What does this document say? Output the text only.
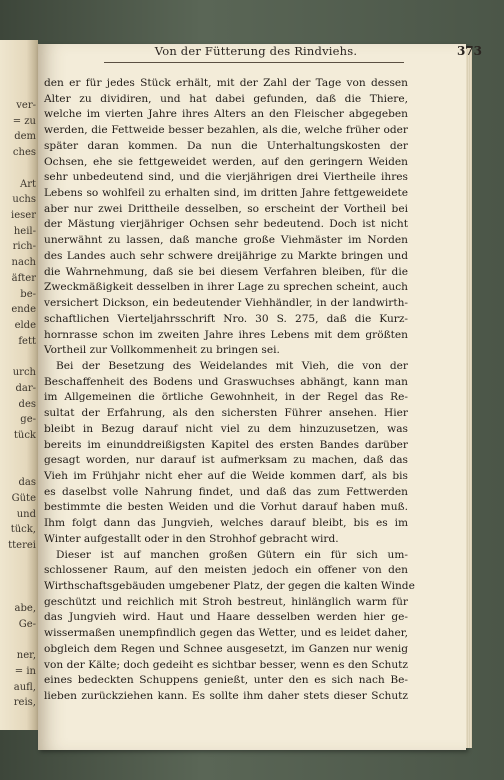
ver-
= zu
dem
ches
Art
uchs
ieser
heil-
rich-
nach
äfter
be-
ende
elde
fett
urch
dar-
des
ge-
tück
das
Güte
und
tück,
tterei
abe,
Ge-
ner,
= in
aufl,
reis,
Von der Fütterung des Rindviehs.	373
den er für jedes Stück erhält, mit der Zahl der Tage von dessen
Alter zu dividiren, und hat dabei gefunden, daß die Thiere,
welche im vierten Jahre ihres Alters an den Fleischer abgegeben
werden, die Fettweide besser bezahlen, als die, welche früher oder
später daran kommen. Da nun die Unterhaltungskosten der
Ochsen, ehe sie fettgeweidet werden, auf den geringern Weiden
sehr unbedeutend sind, und die vierjährigen drei Viertheile ihres
Lebens so wohlfeil zu erhalten sind, im dritten Jahre fettgeweidete
aber nur zwei Drittheile desselben, so erscheint der Vortheil bei
der Mästung vierjähriger Ochsen sehr bedeutend. Doch ist nicht
unerwähnt zu lassen, daß manche große Viehmäster im Norden
des Landes auch sehr schwere dreijährige zu Markte bringen und
die Wahrnehmung, daß sie bei diesem Verfahren bleiben, für die
Zweckmäßigkeit desselben in ihrer Lage zu sprechen scheint, auch
versichert Dickson, ein bedeutender Viehhändler, in der landwirth-
schaftlichen Vierteljahrsschrift Nro. 30 S. 275, daß die Kurz-
hornrasse schon im zweiten Jahre ihres Lebens mit dem größten
Vortheil zur Vollkommenheit zu bringen sei.
Bei der Besetzung des Weidelandes mit Vieh, die von der
Beschaffenheit des Bodens und Graswuchses abhängt, kann man
im Allgemeinen die örtliche Gewohnheit, in der Regel das Re-
sultat der Erfahrung, als den sichersten Führer ansehen. Hier
bleibt in Bezug darauf nicht viel zu dem hinzuzusetzen, was
bereits im einunddreißigsten Kapitel des ersten Bandes darüber
gesagt worden, nur darauf ist aufmerksam zu machen, daß das
Vieh im Frühjahr nicht eher auf die Weide kommen darf, als bis
es daselbst volle Nahrung findet, und daß das zum Fettwerden
bestimmte die besten Weiden und die Vorhut darauf haben muß.
Ihm folgt dann das Jungvieh, welches darauf bleibt, bis es im
Winter aufgestallt oder in den Strohhof gebracht wird.
Dieser ist auf manchen großen Gütern ein für sich um-
schlossener Raum, auf den meisten jedoch ein offener von den
Wirthschaftsgebäuden umgebener Platz, der gegen die kalten Winde
geschützt und reichlich mit Stroh bestreut, hinlänglich warm für
das Jungvieh wird. Haut und Haare desselben werden hier ge-
wissermaßen unempfindlich gegen das Wetter, und es leidet daher,
obgleich dem Regen und Schnee ausgesetzt, im Ganzen nur wenig
von der Kälte; doch gedeiht es sichtbar besser, wenn es den Schutz
eines bedeckten Schuppens genießt, unter den es sich nach Be-
lieben zurückziehen kann. Es sollte ihm daher stets dieser Schutz
